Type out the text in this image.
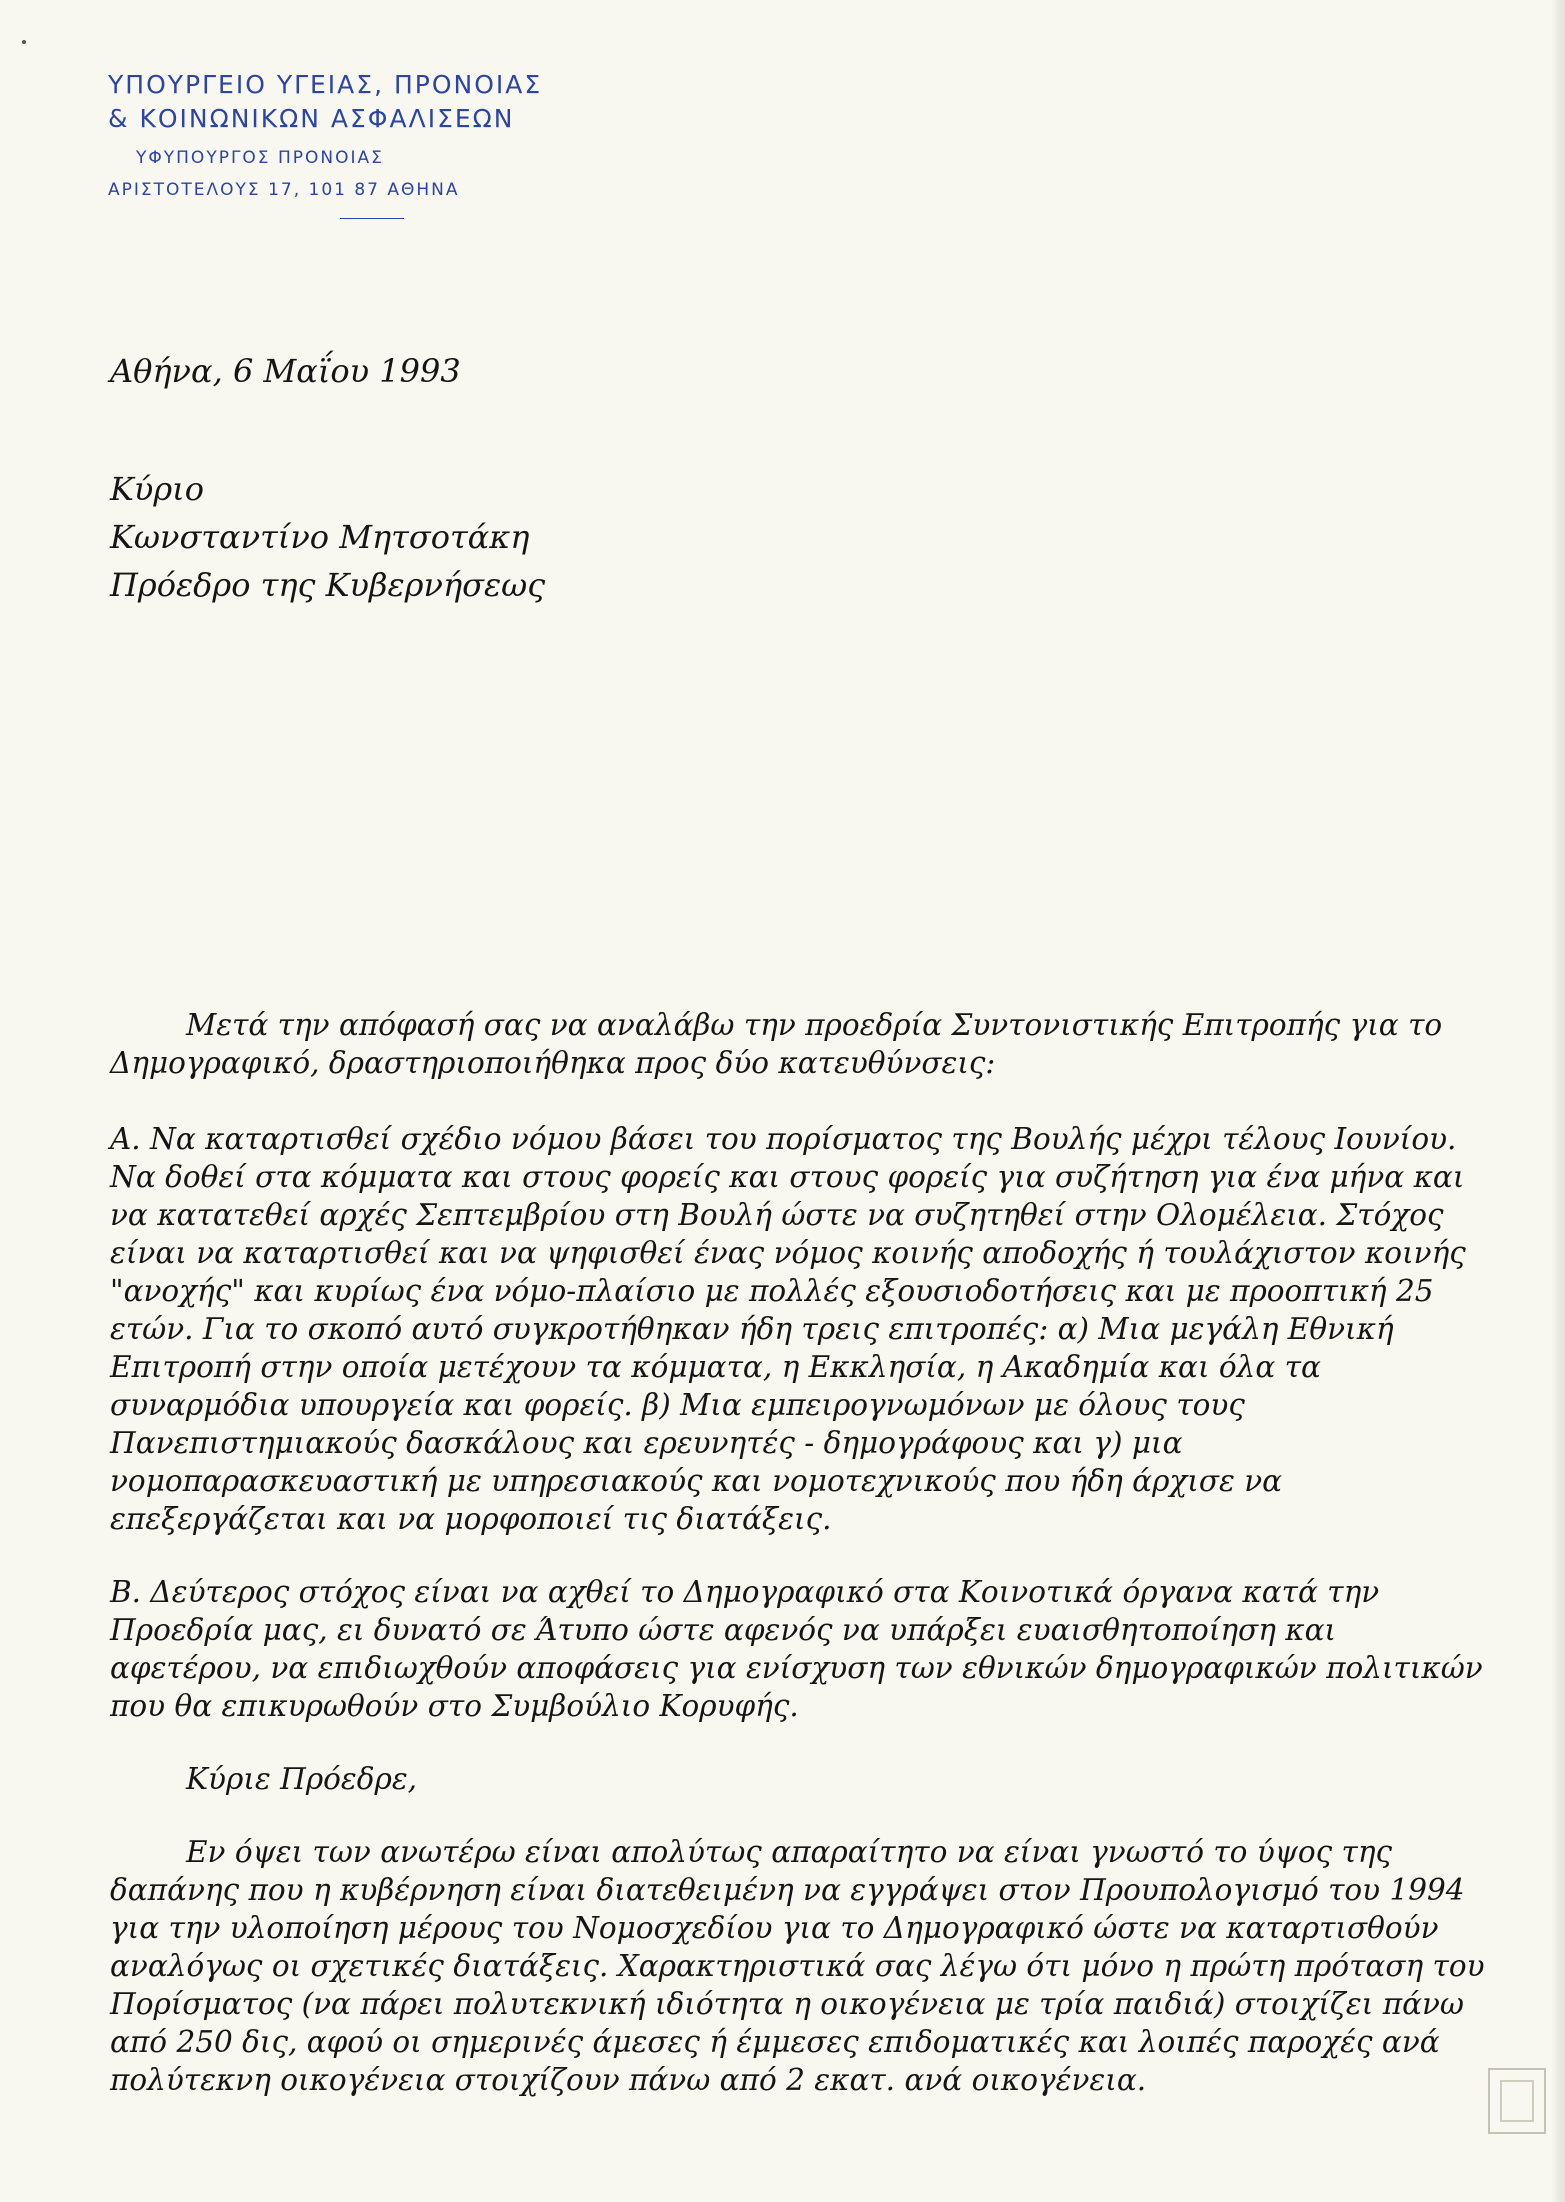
ΥΠΟΥΡΓΕΙΟ ΥΓΕΙΑΣ, ΠΡΟΝΟΙΑΣ
& ΚΟΙΝΩΝΙΚΩΝ ΑΣΦΑΛΙΣΕΩΝ
ΥΦΥΠΟΥΡΓΟΣ ΠΡΟΝΟΙΑΣ
ΑΡΙΣΤΟΤΕΛΟΥΣ 17, 101 87 ΑΘΗΝΑ
Αθήνα, 6 Μαΐου 1993
Κύριο
Κωνσταντίνο Μητσοτάκη
Πρόεδρο της Κυβερνήσεως

Μετά την απόφασή σας να αναλάβω την προεδρία Συντονιστικής Επιτροπής για το Δημογραφικό, δραστηριοποιήθηκα προς δύο κατευθύνσεις:

Α. Να καταρτισθεί σχέδιο νόμου βάσει του πορίσματος της Βουλής μέχρι τέλους Ιουνίου. Να δοθεί στα κόμματα και στους φορείς και στους φορείς για συζήτηση για ένα μήνα και να κατατεθεί αρχές Σεπτεμβρίου στη Βουλή ώστε να συζητηθεί στην Ολομέλεια. Στόχος είναι να καταρτισθεί και να ψηφισθεί ένας νόμος κοινής αποδοχής ή τουλάχιστον κοινής "ανοχής" και κυρίως ένα νόμο-πλαίσιο με πολλές εξουσιοδοτήσεις και με προοπτική 25 ετών. Για το σκοπό αυτό συγκροτήθηκαν ήδη τρεις επιτροπές: α) Μια μεγάλη Εθνική Επιτροπή στην οποία μετέχουν τα κόμματα, η Εκκλησία, η Ακαδημία και όλα τα συναρμόδια υπουργεία και φορείς. β) Μια εμπειρογνωμόνων με όλους τους Πανεπιστημιακούς δασκάλους και ερευνητές - δημογράφους και γ) μια νομοπαρασκευαστική με υπηρεσιακούς και νομοτεχνικούς που ήδη άρχισε να επεξεργάζεται και να μορφοποιεί τις διατάξεις.

Β. Δεύτερος στόχος είναι να αχθεί το Δημογραφικό στα Κοινοτικά όργανα κατά την Προεδρία μας, ει δυνατό σε Άτυπο ώστε αφενός να υπάρξει ευαισθητοποίηση και αφετέρου, να επιδιωχθούν αποφάσεις για ενίσχυση των εθνικών δημογραφικών πολιτικών που θα επικυρωθούν στο Συμβούλιο Κορυφής.

Κύριε Πρόεδρε,

Εν όψει των ανωτέρω είναι απολύτως απαραίτητο να είναι γνωστό το ύψος της δαπάνης που η κυβέρνηση είναι διατεθειμένη να εγγράψει στον Προυπολογισμό του 1994 για την υλοποίηση μέρους του Νομοσχεδίου για το Δημογραφικό ώστε να καταρτισθούν αναλόγως οι σχετικές διατάξεις. Χαρακτηριστικά σας λέγω ότι μόνο η πρώτη πρόταση του Πορίσματος (να πάρει πολυτεκνική ιδιότητα η οικογένεια με τρία παιδιά) στοιχίζει πάνω από 250 δις, αφού οι σημερινές άμεσες ή έμμεσες επιδοματικές και λοιπές παροχές ανά πολύτεκνη οικογένεια στοιχίζουν πάνω από 2 εκατ. ανά οικογένεια.
